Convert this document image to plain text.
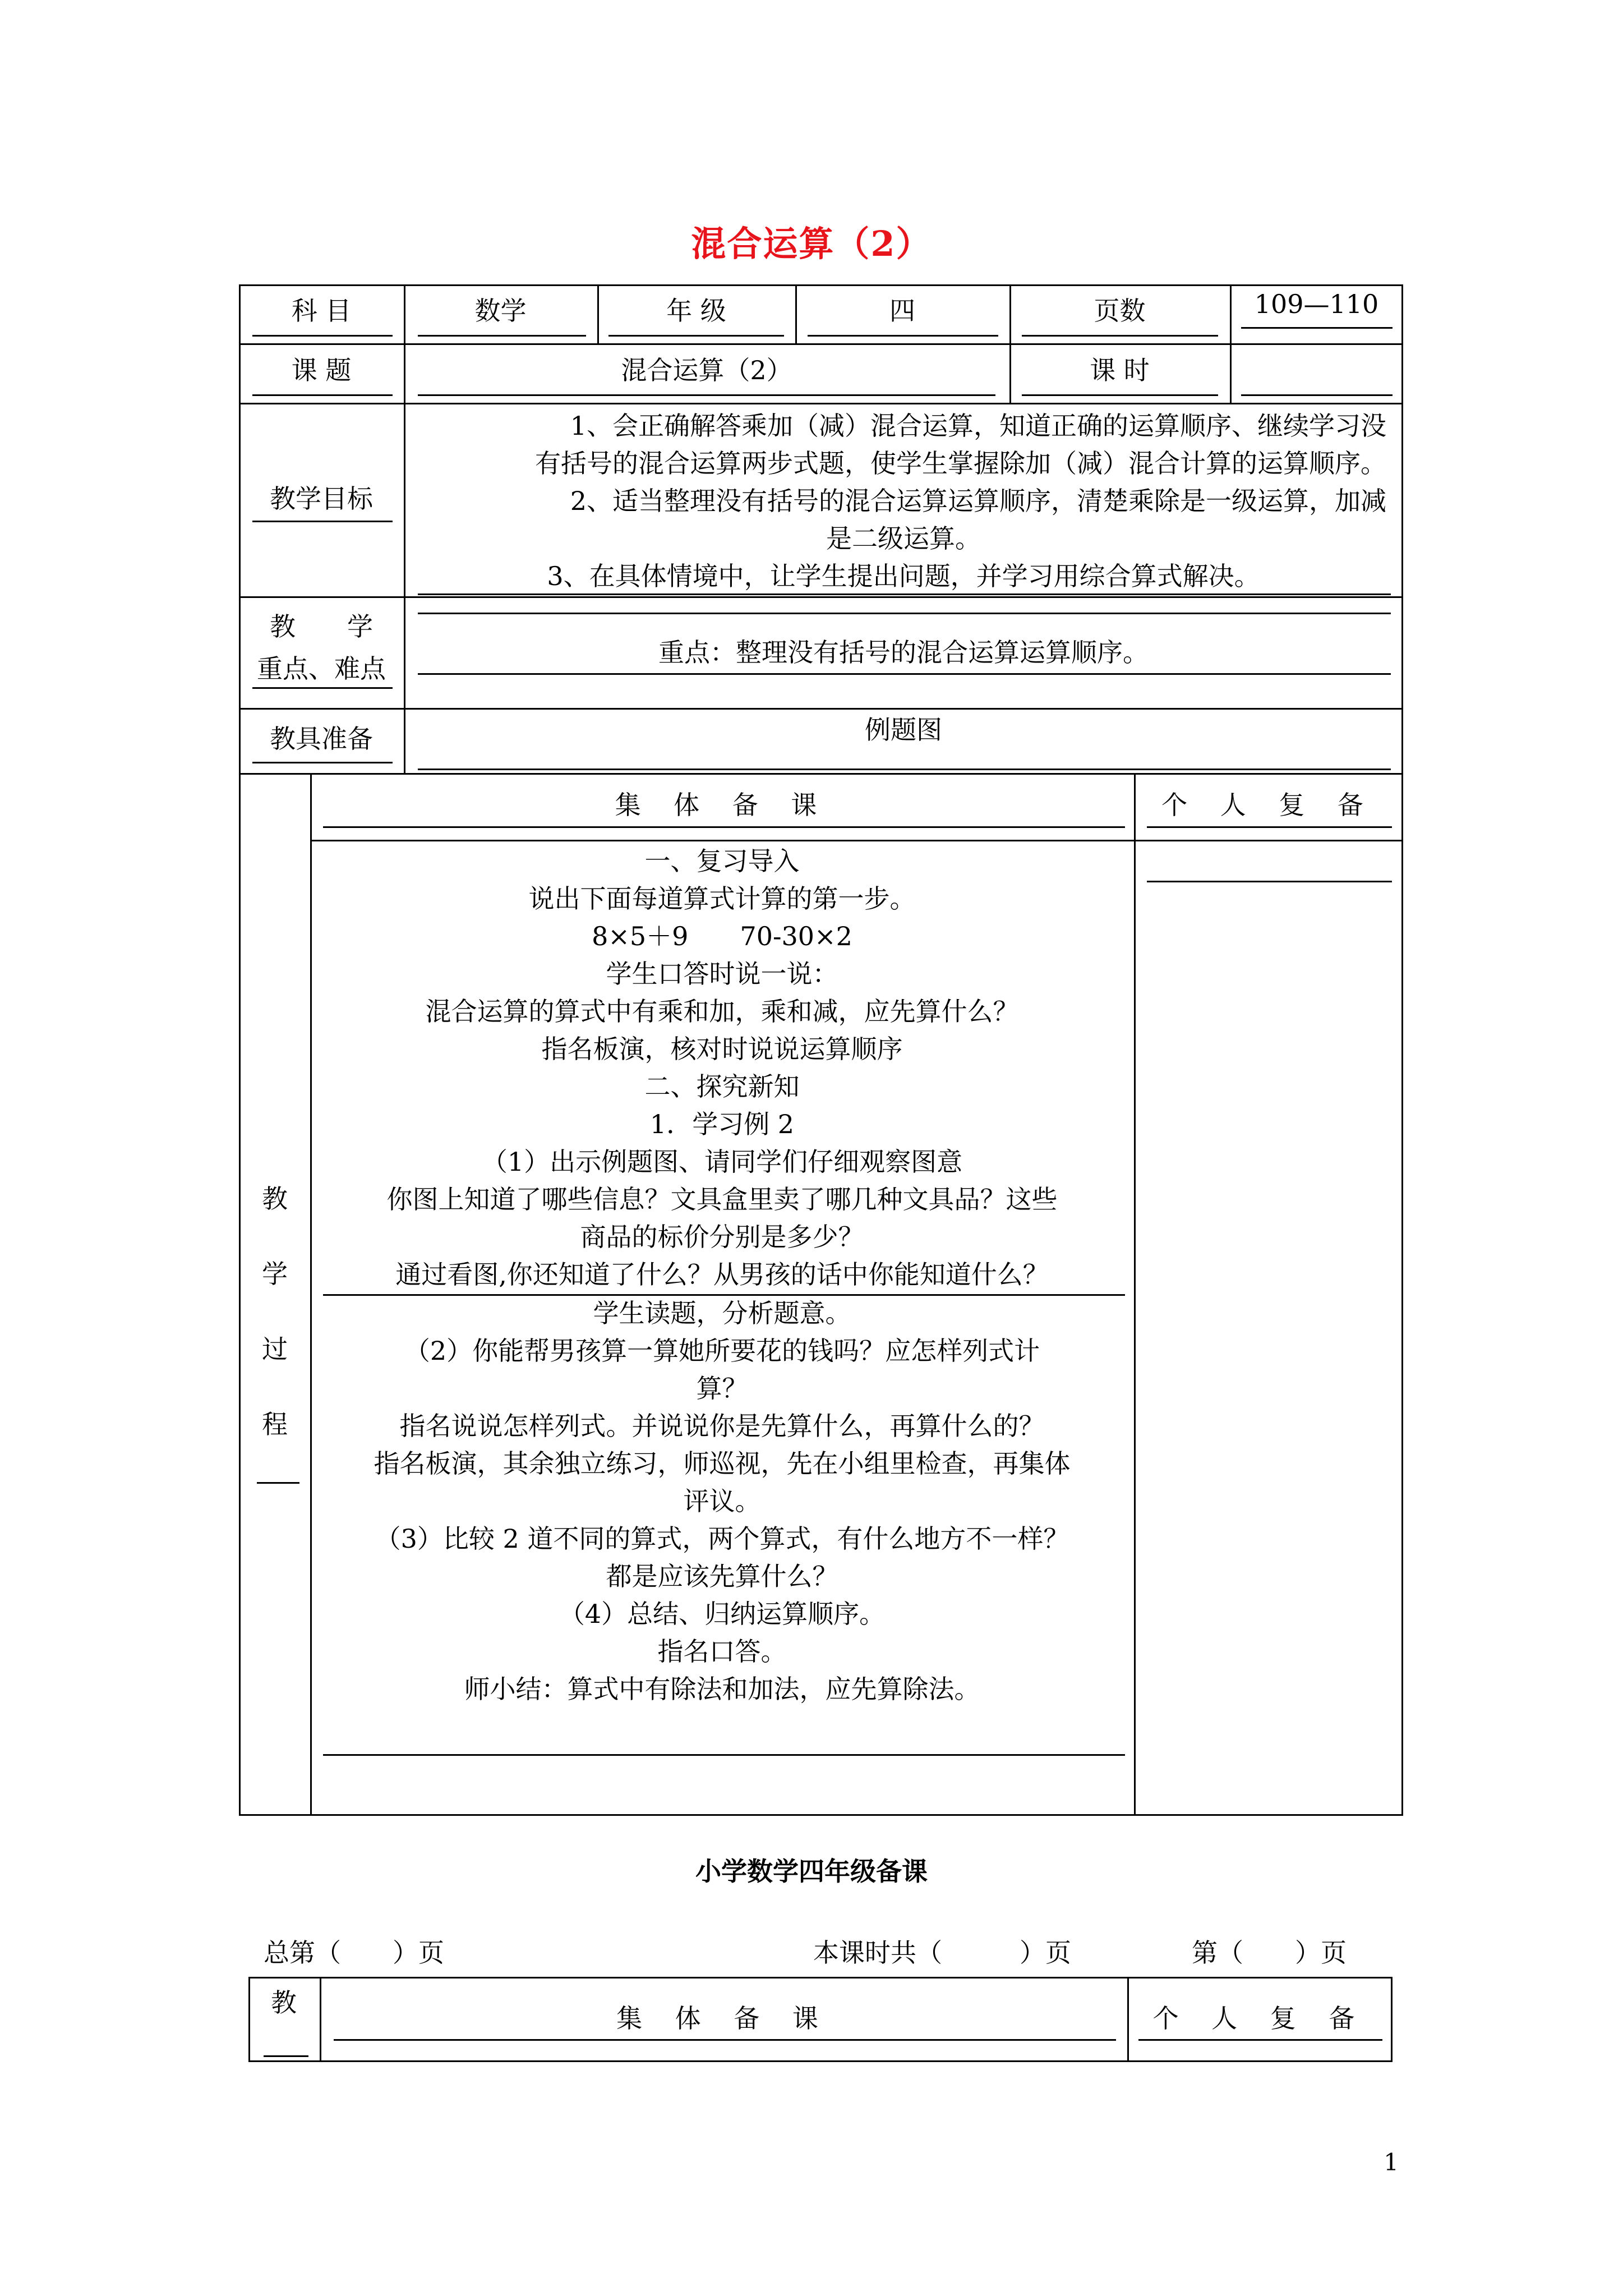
混合运算（2）
科 目	数学	年 级	四	页数	109—110
课 题	混合运算（2）	课 时
教学目标
1、会正确解答乘加（减）混合运算，知道正确的运算顺序、继续学习没
有括号的混合运算两步式题，使学生掌握除加（减）混合计算的运算顺序。
2、适当整理没有括号的混合运算运算顺序，清楚乘除是一级运算，加减
是二级运算。
3、在具体情境中，让学生提出问题，并学习用综合算式解决。
教　　学
重点、难点
重点：整理没有括号的混合运算运算顺序。
教具准备	例题图
教
学
过
程
集 体 备 课	个 人 复 备
一、复习导入
说出下面每道算式计算的第一步。
8×5＋9　　70-30×2
学生口答时说一说：
混合运算的算式中有乘和加，乘和减，应先算什么？
指名板演，核对时说说运算顺序
二、探究新知
1．学习例 2
（1）出示例题图、请同学们仔细观察图意
你图上知道了哪些信息？文具盒里卖了哪几种文具品？这些
商品的标价分别是多少？
通过看图,你还知道了什么？从男孩的话中你能知道什么？
学生读题，分析题意。
（2）你能帮男孩算一算她所要花的钱吗？应怎样列式计
算？
指名说说怎样列式。并说说你是先算什么，再算什么的？
指名板演，其余独立练习，师巡视，先在小组里检查，再集体
评议。
（3）比较 2 道不同的算式，两个算式，有什么地方不一样？
都是应该先算什么？
（4）总结、归纳运算顺序。
指名口答。
师小结：算式中有除法和加法，应先算除法。
小学数学四年级备课
总第（　　）页	本课时共（　　　）页	第（　　）页
教
集 体 备 课	个 人 复 备
1
